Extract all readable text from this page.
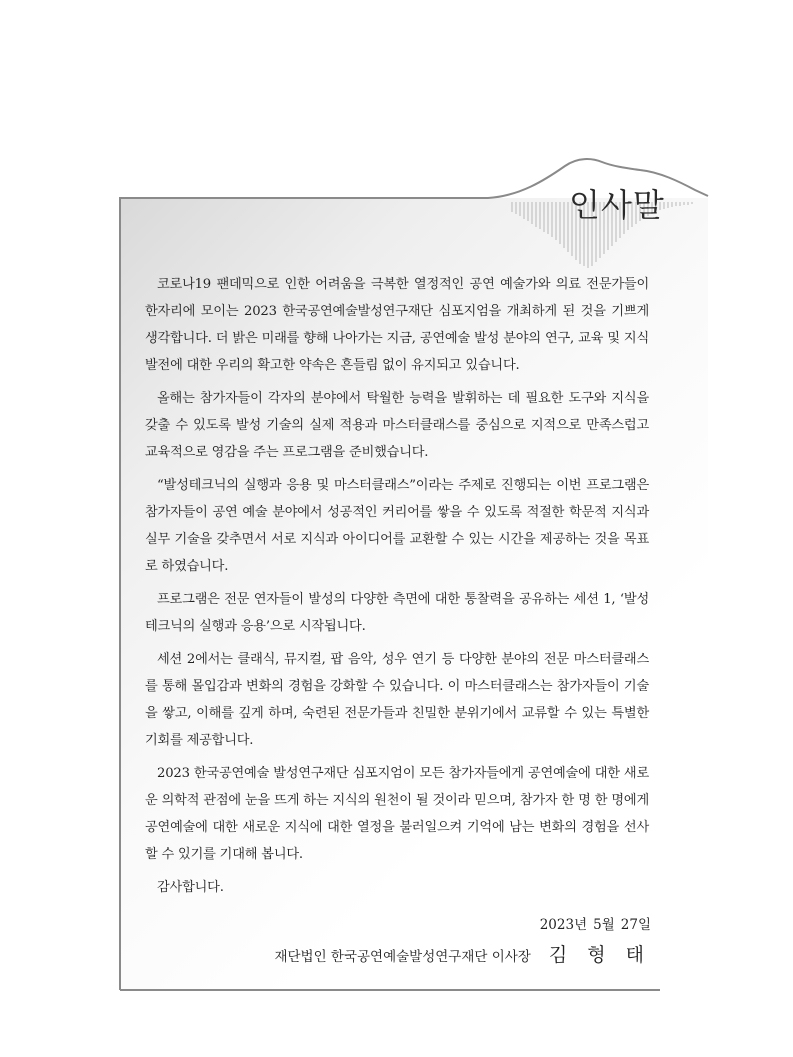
인사말

코로나19 팬데믹으로 인한 어려움을 극복한 열정적인 공연 예술가와 의료 전문가들이 한자리에 모이는 2023 한국공연예술발성연구재단 심포지엄을 개최하게 된 것을 기쁘게 생각합니다. 더 밝은 미래를 향해 나아가는 지금, 공연예술 발성 분야의 연구, 교육 및 지식 발전에 대한 우리의 확고한 약속은 흔들림 없이 유지되고 있습니다.

올해는 참가자들이 각자의 분야에서 탁월한 능력을 발휘하는 데 필요한 도구와 지식을 갖출 수 있도록 발성 기술의 실제 적용과 마스터클래스를 중심으로 지적으로 만족스럽고 교육적으로 영감을 주는 프로그램을 준비했습니다.

“발성테크닉의 실행과 응용 및 마스터클래스”이라는 주제로 진행되는 이번 프로그램은 참가자들이 공연 예술 분야에서 성공적인 커리어를 쌓을 수 있도록 적절한 학문적 지식과 실무 기술을 갖추면서 서로 지식과 아이디어를 교환할 수 있는 시간을 제공하는 것을 목표로 하였습니다.

프로그램은 전문 연자들이 발성의 다양한 측면에 대한 통찰력을 공유하는 세션 1, ‘발성테크닉의 실행과 응용’으로 시작됩니다.

세션 2에서는 클래식, 뮤지컬, 팝 음악, 성우 연기 등 다양한 분야의 전문 마스터클래스를 통해 몰입감과 변화의 경험을 강화할 수 있습니다. 이 마스터클래스는 참가자들이 기술을 쌓고, 이해를 깊게 하며, 숙련된 전문가들과 친밀한 분위기에서 교류할 수 있는 특별한 기회를 제공합니다.

2023 한국공연예술 발성연구재단 심포지엄이 모든 참가자들에게 공연예술에 대한 새로운 의학적 관점에 눈을 뜨게 하는 지식의 원천이 될 것이라 믿으며, 참가자 한 명 한 명에게 공연예술에 대한 새로운 지식에 대한 열정을 불러일으켜 기억에 남는 변화의 경험을 선사할 수 있기를 기대해 봅니다.

감사합니다.

2023년 5월 27일
재단법인 한국공연예술발성연구재단 이사장 김 형 태
